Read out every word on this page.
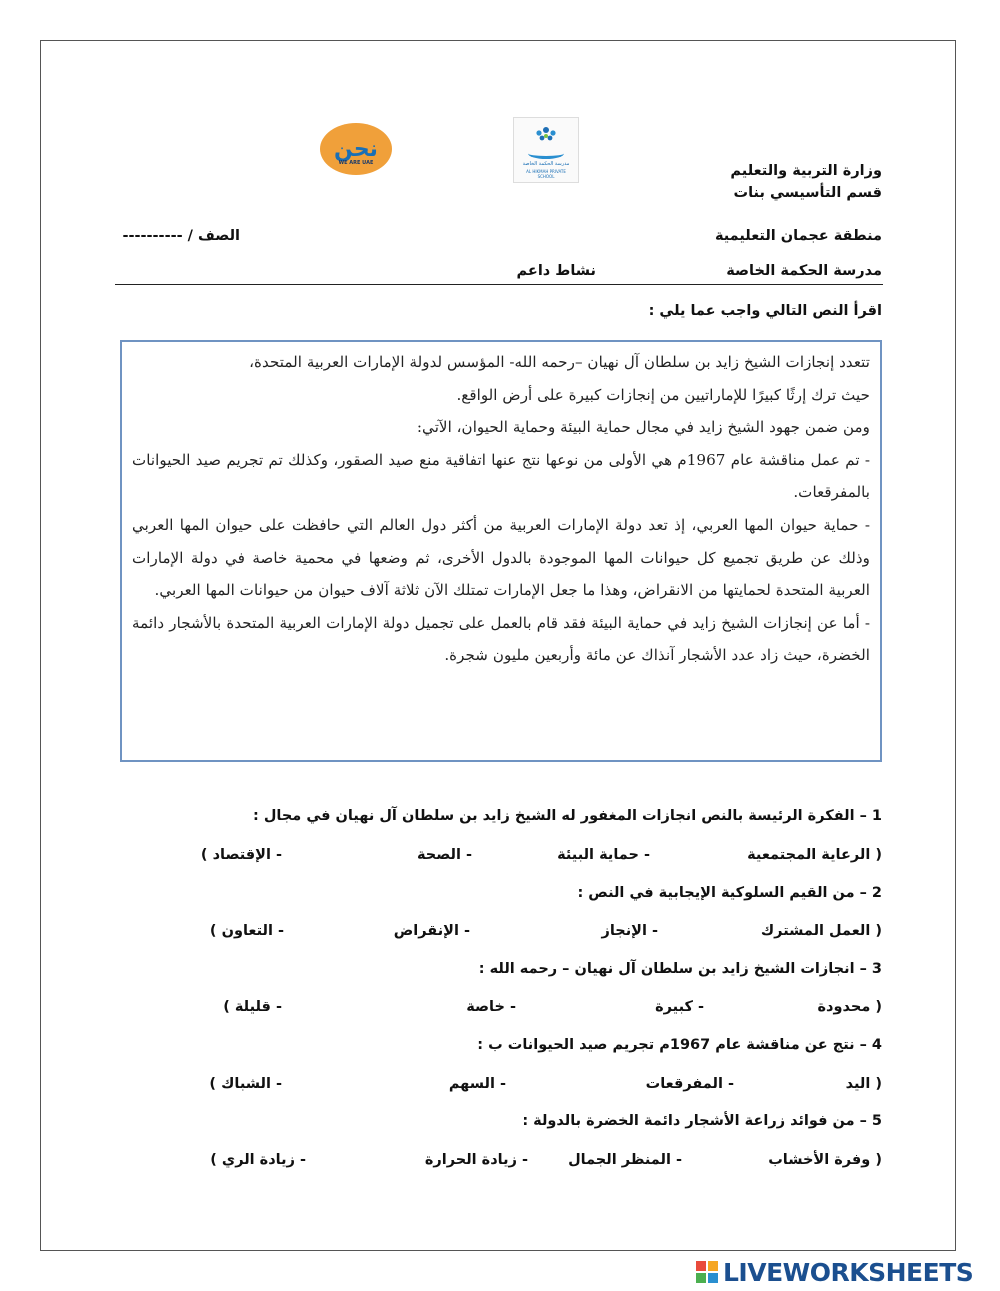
نحن
WE ARE UAE	مدرسة الحكمة الخاصة
AL HIKMAH PRIVATE SCHOOL	وزارة التربية والتعليم
قسم التأسيسي بنات
منطقة عجمان التعليمية
الصف / ----------
مدرسة الحكمة الخاصة
نشاط داعم
اقرأ النص التالي واجب عما يلي :

تتعدد إنجازات الشيخ زايد بن سلطان آل نهيان –رحمه الله- المؤسس لدولة الإمارات العربية المتحدة،

حيث ترك إرثًا كبيرًا للإماراتيين من إنجازات كبيرة على أرض الواقع.

ومن ضمن جهود الشيخ زايد في مجال حماية البيئة وحماية الحيوان، الآتي:

- تم عمل مناقشة عام 1967م هي الأولى من نوعها نتج عنها اتفاقية منع صيد الصقور، وكذلك تم تجريم صيد الحيوانات بالمفرقعات.

- حماية حيوان المها العربي، إذ تعد دولة الإمارات العربية من أكثر دول العالم التي حافظت على حيوان المها العربي وذلك عن طريق تجميع كل حيوانات المها الموجودة بالدول الأخرى، ثم وضعها في محمية خاصة في دولة الإمارات العربية المتحدة لحمايتها من الانقراض، وهذا ما جعل الإمارات تمتلك الآن ثلاثة آلاف حيوان من حيوانات المها العربي.

- أما عن إنجازات الشيخ زايد في حماية البيئة فقد قام بالعمل على تجميل دولة الإمارات العربية المتحدة بالأشجار دائمة الخضرة، حيث زاد عدد الأشجار آنذاك عن مائة وأربعين مليون شجرة.

1 – الفكرة الرئيسة بالنص انجازات المغفور له الشيخ زايد بن سلطان آل نهيان في مجال :
( الرعاية المجتمعية
- حماية البيئة
- الصحة
- الإقتصاد )
2 – من القيم السلوكية الإيجابية في النص :
( العمل المشترك
- الإنجاز
- الإنقراض
- التعاون )
3 – انجازات الشيخ زايد بن سلطان آل نهيان – رحمه الله :
( محدودة
- كبيرة
- خاصة
- قليلة )
4 – نتج عن مناقشة عام 1967م تجريم صيد الحيوانات ب :
( اليد
- المفرقعات
- السهم
- الشباك )
5 – من فوائد زراعة الأشجار دائمة الخضرة بالدولة :
( وفرة الأخشاب
- المنظر الجمال
- زيادة الحرارة
- زيادة الري )
LIVEWORKSHEETS
